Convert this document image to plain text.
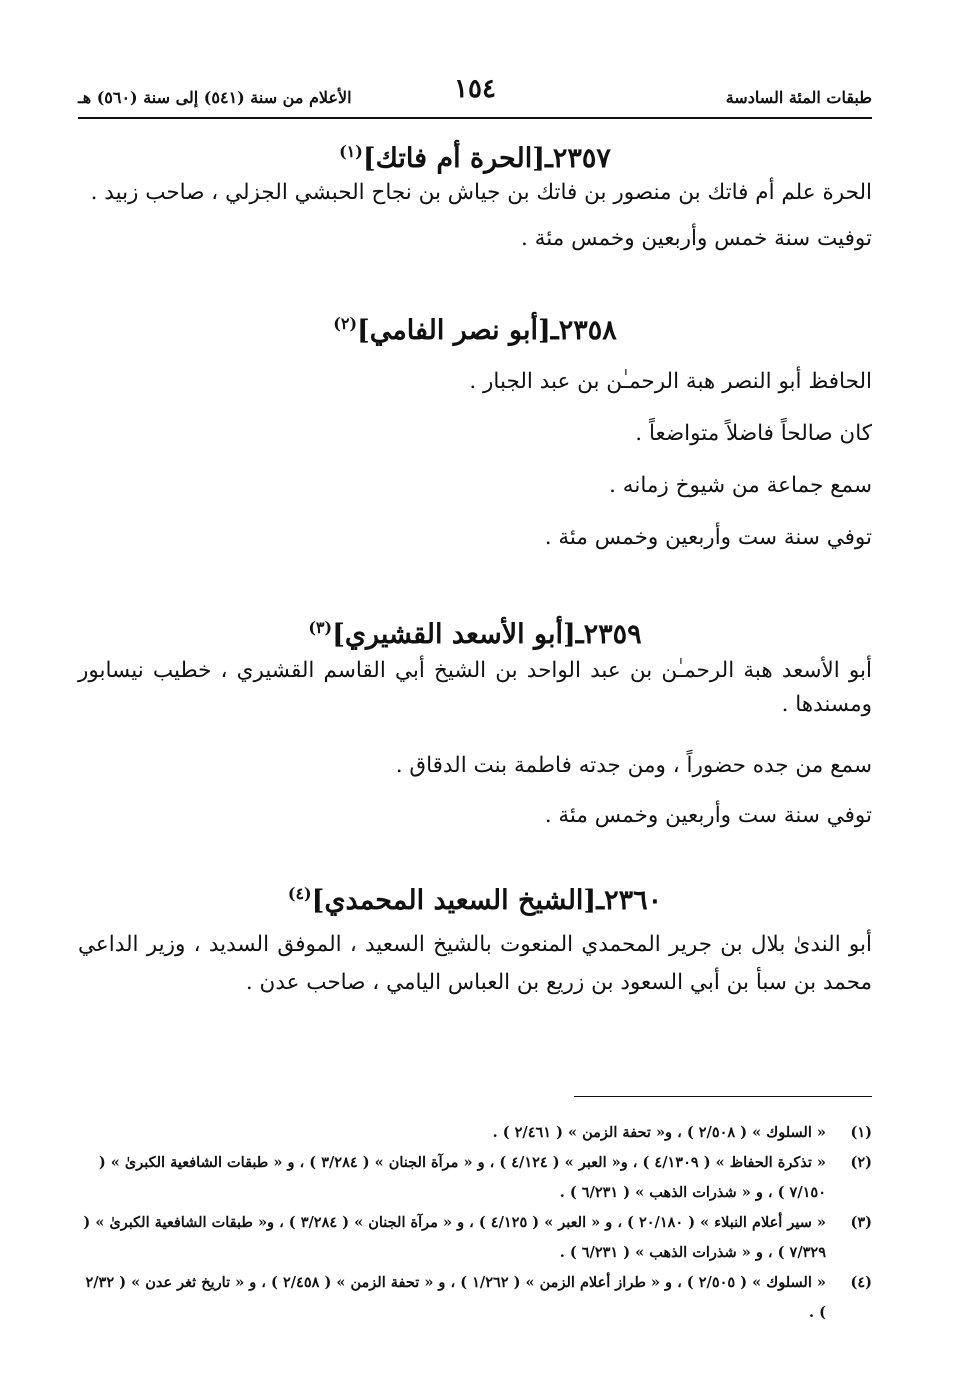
طبقات المئة السادسة
١٥٤
الأعلام من سنة (٥٤١) إلى سنة (٥٦٠) هـ
٢٣٥٧ـ[الحرة أم فاتك]$^{(١)}$

الحرة علم أم فاتك بن منصور بن فاتك بن جياش بن نجاح الحبشي الجزلي ، صاحب زبيد .

توفيت سنة خمس وأربعين وخمس مئة .

٢٣٥٨ـ[أبو نصر الفامي]$^{(٢)}$

الحافظ أبو النصر هبة الرحمـٰن بن عبد الجبار .

كان صالحاً فاضلاً متواضعاً .

سمع جماعة من شيوخ زمانه .

توفي سنة ست وأربعين وخمس مئة .

٢٣٥٩ـ[أبو الأسعد القشيري]$^{(٣)}$

أبو الأسعد هبة الرحمـٰن بن عبد الواحد بن الشيخ أبي القاسم القشيري ، خطيب نيسابور ومسندها .

سمع من جده حضوراً ، ومن جدته فاطمة بنت الدقاق .

توفي سنة ست وأربعين وخمس مئة .

٢٣٦٠ـ[الشيخ السعيد المحمدي]$^{(٤)}$

أبو الندىٰ بلال بن جرير المحمدي المنعوت بالشيخ السعيد ، الموفق السديد ، وزير الداعي محمد بن سبأ بن أبي السعود بن زريع بن العباس اليامي ، صاحب عدن .

(١)
« السلوك » ( ٢/٥٠٨ ) ، و« تحفة الزمن » ( ٢/٤٦١ ) .
(٢)
« تذكرة الحفاظ » ( ٤/١٣٠٩ ) ، و« العبر » ( ٤/١٢٤ ) ، و « مرآة الجنان » ( ٣/٢٨٤ ) ، و « طبقات الشافعية الكبرىٰ » ( ٧/١٥٠ ) ، و « شذرات الذهب » ( ٦/٢٣١ ) .
(٣)
« سير أعلام النبلاء » ( ٢٠/١٨٠ ) ، و « العبر » ( ٤/١٢٥ ) ، و « مرآة الجنان » ( ٣/٢٨٤ ) ، و« طبقات الشافعية الكبرىٰ » ( ٧/٣٢٩ ) ، و « شذرات الذهب » ( ٦/٢٣١ ) .
(٤)
« السلوك » ( ٢/٥٠٥ ) ، و « طراز أعلام الزمن » ( ١/٢٦٢ ) ، و « تحفة الزمن » ( ٢/٤٥٨ ) ، و « تاريخ ثغر عدن » ( ٢/٣٢ ) .
